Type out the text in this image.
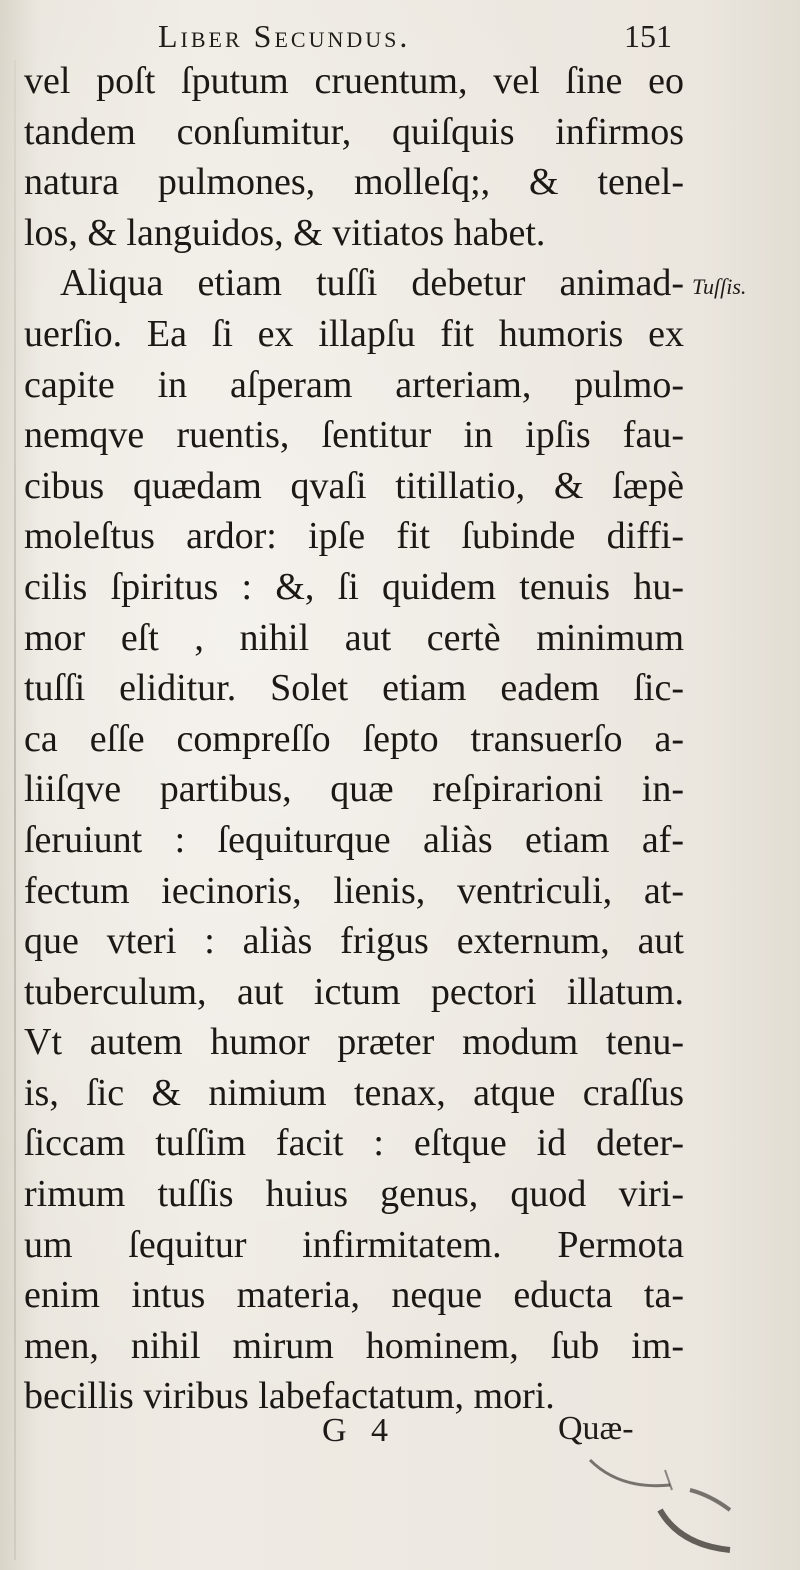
Liber Secundus.	151
vel poſt ſputum cruentum, vel ſine eo
tandem conſumitur, quiſquis infirmos
natura pulmones, molleſq;, & tenel-
los, & languidos, & vitiatos habet.
Aliqua etiam tuſſi debetur animad-
uerſio. Ea ſi ex illapſu fit humoris ex
capite in aſperam arteriam, pulmo-
nemqve ruentis, ſentitur in ipſis fau-
cibus quædam qvaſi titillatio, & ſæpè
moleſtus ardor: ipſe fit ſubinde diffi-
cilis ſpiritus : &, ſi quidem tenuis hu-
mor eſt , nihil aut certè minimum
tuſſi eliditur. Solet etiam eadem ſic-
ca eſſe compreſſo ſepto transuerſo a-
liiſqve partibus, quæ reſpirarioni in-
ſeruiunt : ſequiturque aliàs etiam af-
fectum iecinoris, lienis, ventriculi, at-
que vteri : aliàs frigus externum, aut
tuberculum, aut ictum pectori illatum.
Vt autem humor præter modum tenu-
is, ſic & nimium tenax, atque craſſus
ſiccam tuſſim facit : eſtque id deter-
rimum tuſſis huius genus, quod viri-
um ſequitur infirmitatem. Permota
enim intus materia, neque educta ta-
men, nihil mirum hominem, ſub im-
becillis viribus labefactatum, mori.
Tuſſis.
G 4	Quæ-
